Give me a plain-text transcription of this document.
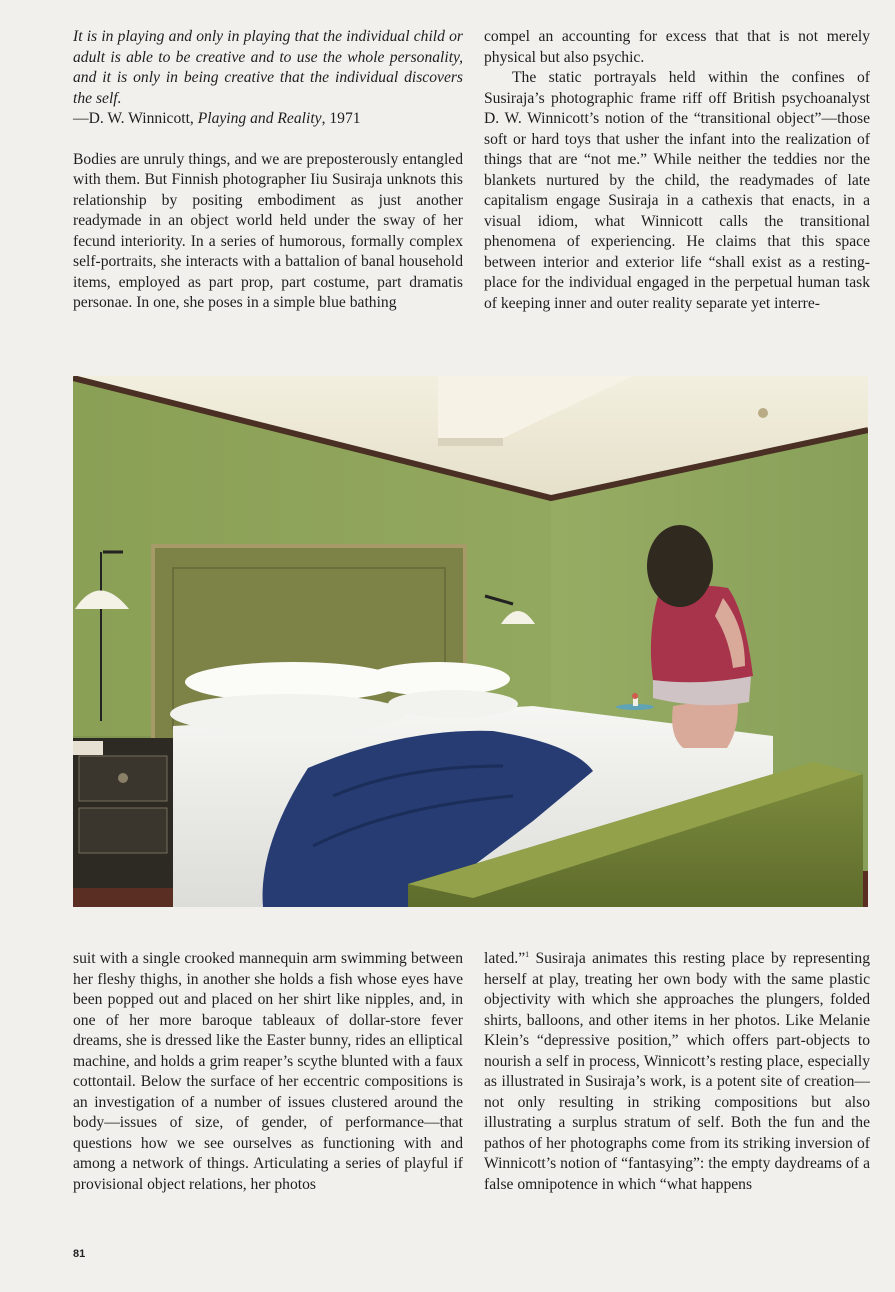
It is in playing and only in playing that the individual child or adult is able to be creative and to use the whole personality, and it is only in being creative that the individual discovers the self.

—D. W. Winnicott, Playing and Reality, 1971

Bodies are unruly things, and we are preposterously entangled with them. But Finnish photographer Iiu Susiraja unknots this relationship by positing embodiment as just another readymade in an object world held under the sway of her fecund interiority. In a series of humorous, formally complex self-portraits, she interacts with a battalion of banal household items, employed as part prop, part costume, part dramatis personae. In one, she poses in a simple blue bathing

compel an accounting for excess that that is not merely physical but also psychic.

The static portrayals held within the confines of Susiraja’s photographic frame riff off British psychoanalyst D. W. Winnicott’s notion of the “transitional object”—those soft or hard toys that usher the infant into the realization of things that are “not me.” While neither the teddies nor the blankets nurtured by the child, the readymades of late capitalism engage Susiraja in a cathexis that enacts, in a visual idiom, what Winnicott calls the transitional phenomena of experiencing. He claims that this space between interior and exterior life “shall exist as a resting-place for the individual engaged in the perpetual human task of keeping inner and outer reality separate yet interre-

suit with a single crooked mannequin arm swimming between her fleshy thighs, in another she holds a fish whose eyes have been popped out and placed on her shirt like nipples, and, in one of her more baroque tableaux of dollar-store fever dreams, she is dressed like the Easter bunny, rides an elliptical machine, and holds a grim reaper’s scythe blunted with a faux cottontail. Below the surface of her eccentric compositions is an investigation of a number of issues clustered around the body—issues of size, of gender, of performance—that questions how we see ourselves as functioning with and among a network of things. Articulating a series of playful if provisional object relations, her photos

lated.”$^1$ Susiraja animates this resting place by representing herself at play, treating her own body with the same plastic objectivity with which she approaches the plungers, folded shirts, balloons, and other items in her photos. Like Melanie Klein’s “depressive position,” which offers part-objects to nourish a self in process, Winnicott’s resting place, especially as illustrated in Susiraja’s work, is a potent site of creation—not only resulting in striking compositions but also illustrating a surplus stratum of self. Both the fun and the pathos of her photographs come from its striking inversion of Winnicott’s notion of “fantasying”: the empty daydreams of a false omnipotence in which “what happens

81
